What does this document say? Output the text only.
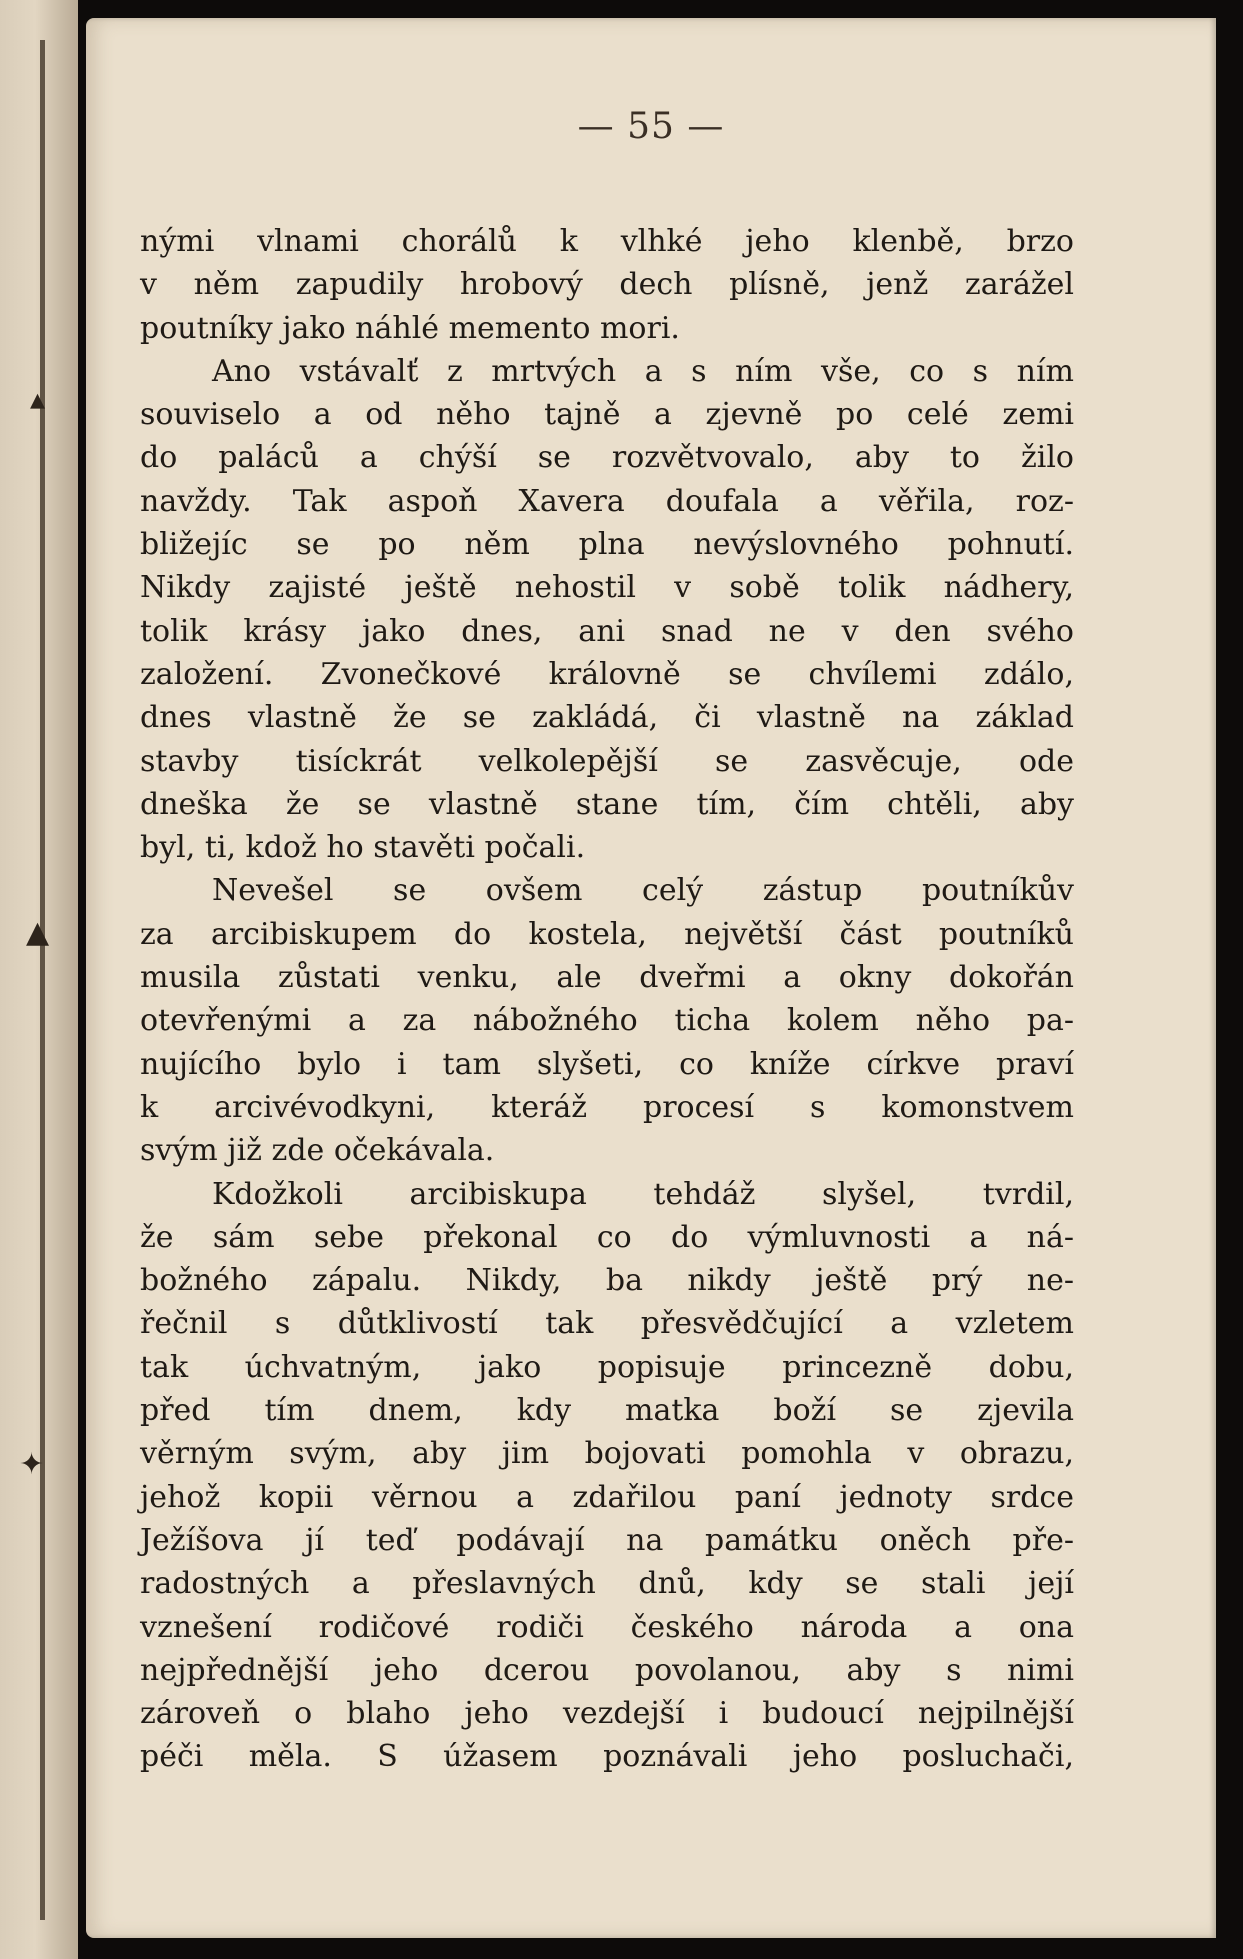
▴
▲
✦
— 55 —

nými vlnami chorálů k vlhké jeho klenbě, brzo
v něm zapudily hrobový dech plísně, jenž zarážel
poutníky jako náhlé memento mori.
Ano vstávalť z mrtvých a s ním vše, co s ním
souviselo a od něho tajně a zjevně po celé zemi
do paláců a chýší se rozvětvovalo, aby to žilo
navždy. Tak aspoň Xavera doufala a věřila, roz-
bližejíc se po něm plna nevýslovného pohnutí.
Nikdy zajisté ještě nehostil v sobě tolik nádhery,
tolik krásy jako dnes, ani snad ne v den svého
založení. Zvonečkové královně se chvílemi zdálo,
dnes vlastně že se zakládá, či vlastně na základ
stavby tisíckrát velkolepější se zasvěcuje, ode
dneška že se vlastně stane tím, čím chtěli, aby
byl, ti, kdož ho stavěti počali.
Nevešel se ovšem celý zástup poutníkův
za arcibiskupem do kostela, největší část poutníků
musila zůstati venku, ale dveřmi a okny dokořán
otevřenými a za nábožného ticha kolem něho pa-
nujícího bylo i tam slyšeti, co kníže církve praví
k arcivévodkyni, kteráž procesí s komonstvem
svým již zde očekávala.
Kdožkoli arcibiskupa tehdáž slyšel, tvrdil,
že sám sebe překonal co do výmluvnosti a ná-
božného zápalu. Nikdy, ba nikdy ještě prý ne-
řečnil s důtklivostí tak přesvědčující a vzletem
tak úchvatným, jako popisuje princezně dobu,
před tím dnem, kdy matka boží se zjevila
věrným svým, aby jim bojovati pomohla v obrazu,
jehož kopii věrnou a zdařilou paní jednoty srdce
Ježíšova jí teď podávají na památku oněch pře-
radostných a přeslavných dnů, kdy se stali její
vznešení rodičové rodiči českého národa a ona
nejpřednější jeho dcerou povolanou, aby s nimi
zároveň o blaho jeho vezdejší i budoucí nejpilnější
péči měla. S úžasem poznávali jeho posluchači,
